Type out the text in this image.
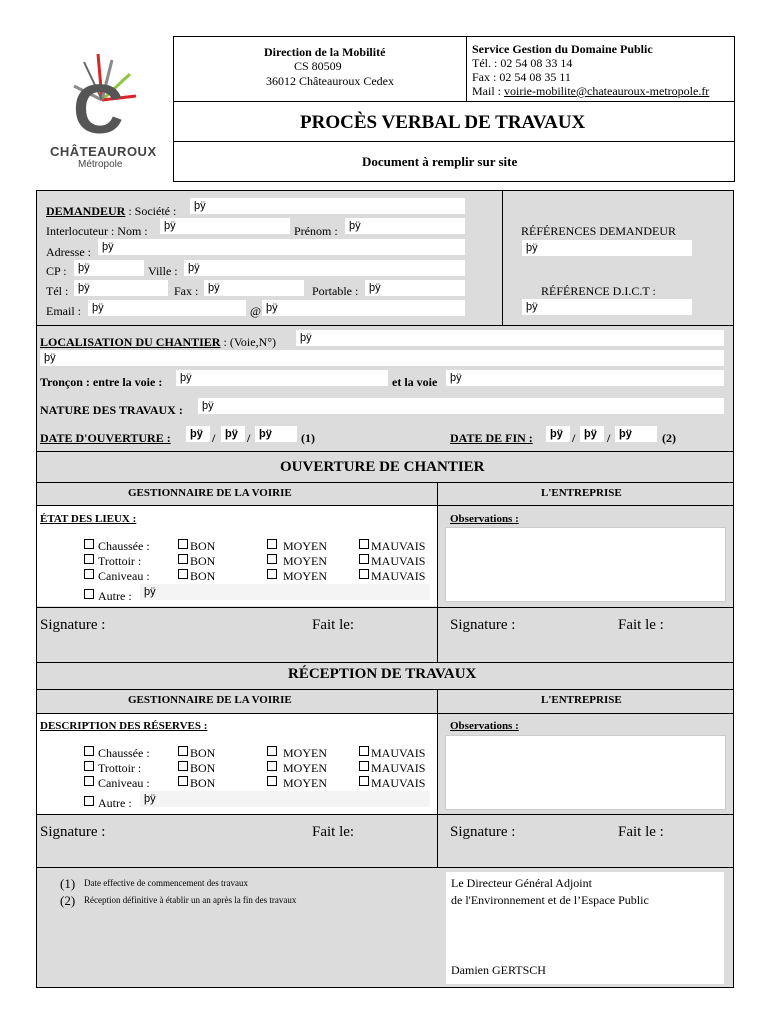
C
CHÂTEAUROUX
Métropole
Direction de la Mobilité
CS 80509
36012 Châteauroux Cedex
Service Gestion du Domaine Public
Tél. : 02 54 08 33 14
Fax : 02 54 08 35 11
Mail : voirie-mobilite@chateauroux-metropole.fr
PROCÈS VERBAL DE TRAVAUX
Document à remplir sur site
DEMANDEUR : Société :	þÿ
Interlocuteur : Nom :	þÿ	Prénom :	þÿ
Adresse :	þÿ
CP :	þÿ	Ville : þÿ
Tél : þÿ	Fax : þÿ	Portable : þÿ
Email :	þÿ	@ þÿ
RÉFÉRENCES DEMANDEUR
þÿ
RÉFÉRENCE D.I.C.T :
þÿ
LOCALISATION DU CHANTIER : (Voie,N°)	þÿ
þÿ
Tronçon : entre la voie :	þÿ	et la voie	þÿ
NATURE DES TRAVAUX :	þÿ
DATE D'OUVERTURE :	þÿ / þÿ / þÿ	(1)	DATE DE FIN :	þÿ / þÿ / þÿ	(2)
OUVERTURE DE CHANTIER
GESTIONNAIRE DE LA VOIRIE	L'ENTREPRISE
ÉTAT DES LIEUX :	Observations :
Chaussée :	BON	MOYEN	MAUVAIS
Trottoir :	BON	MOYEN	MAUVAIS
Caniveau :	BON	MOYEN	MAUVAIS
Autre :	þÿ
Signature :	Fait le:	Signature :	Fait le :
RÉCEPTION DE TRAVAUX
GESTIONNAIRE DE LA VOIRIE	L'ENTREPRISE
DESCRIPTION DES RÉSERVES :	Observations :
Chaussée :	BON	MOYEN	MAUVAIS
Trottoir :	BON	MOYEN	MAUVAIS
Caniveau :	BON	MOYEN	MAUVAIS
Autre :	þÿ
Signature :	Fait le:	Signature :	Fait le :
(1) Date effective de commencement des travaux
(2) Réception définitive à établir un an après la fin des travaux
Le Directeur Général Adjoint
de l'Environnement et de l’Espace Public
Damien GERTSCH
